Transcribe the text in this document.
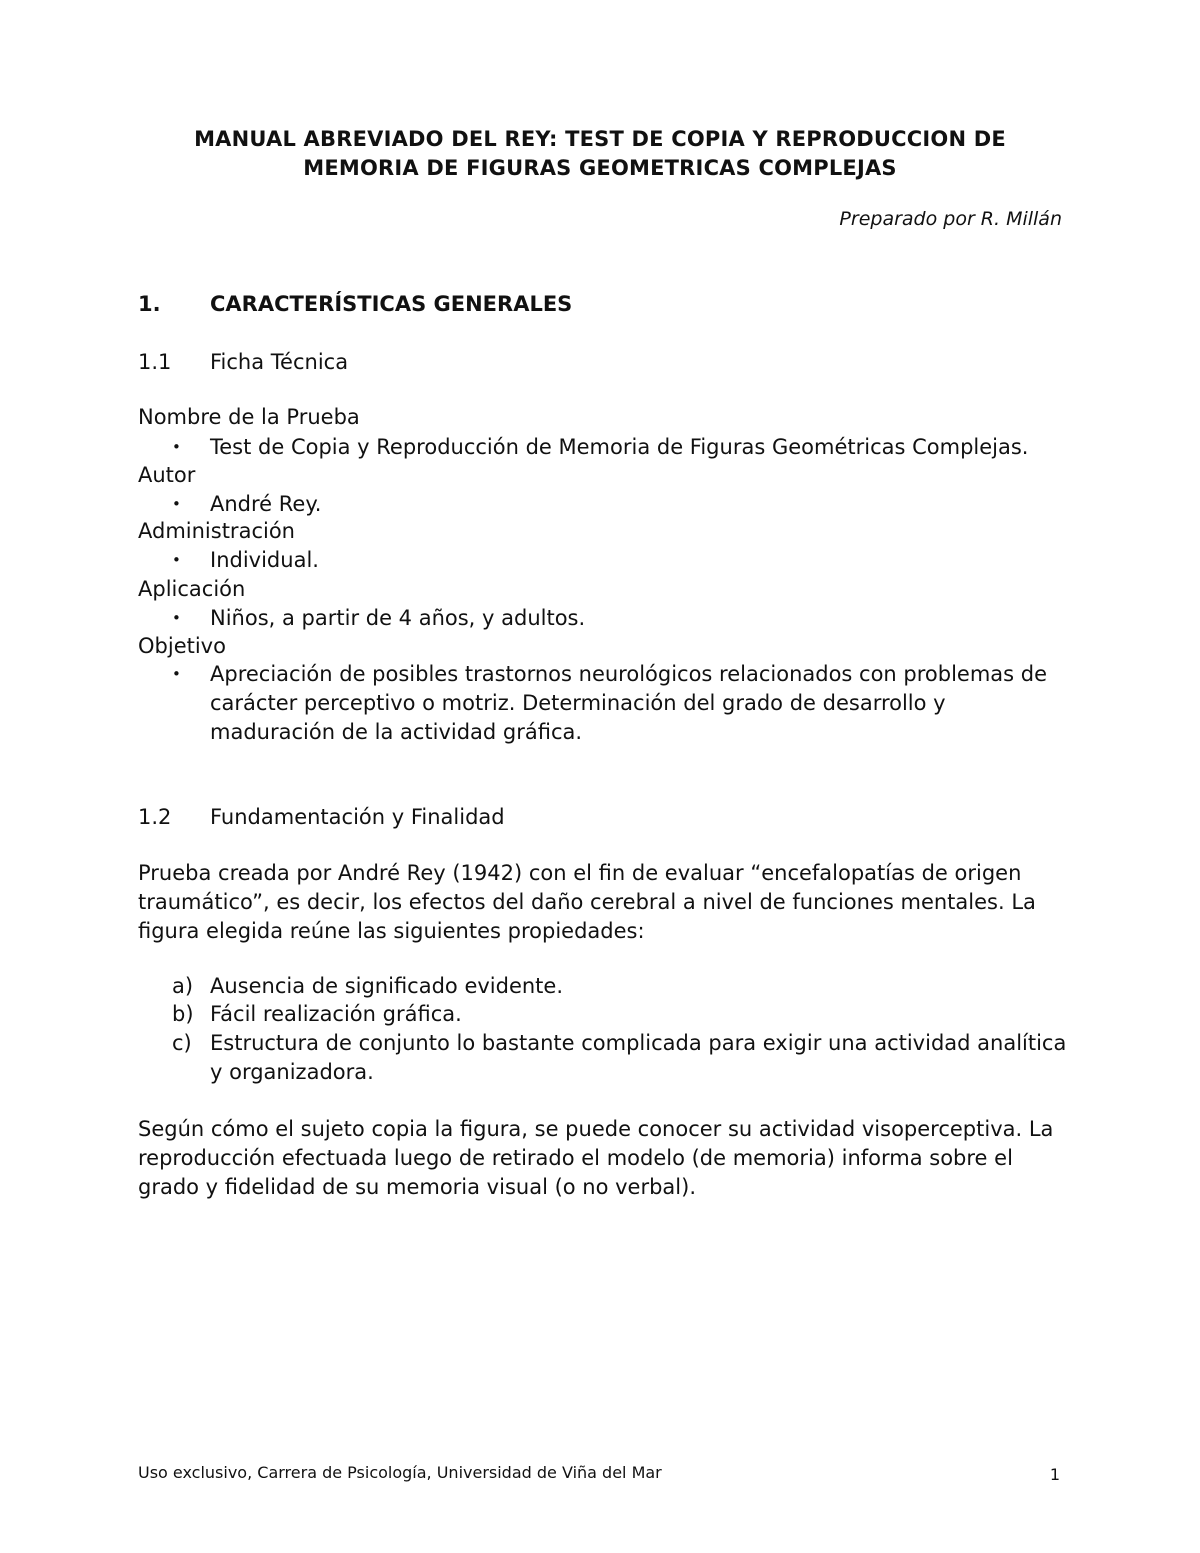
MANUAL ABREVIADO DEL REY: TEST DE COPIA Y REPRODUCCION DE
MEMORIA DE FIGURAS GEOMETRICAS COMPLEJAS
Preparado por R. Millán
1. CARACTERÍSTICAS GENERALES
1.1 Ficha Técnica
Nombre de la Prueba
• Test de Copia y Reproducción de Memoria de Figuras Geométricas Complejas.
Autor
• André Rey.
Administración
• Individual.
Aplicación
• Niños, a partir de 4 años, y adultos.
Objetivo
• Apreciación de posibles trastornos neurológicos relacionados con problemas de carácter perceptivo o motriz. Determinación del grado de desarrollo y maduración de la actividad gráfica.
1.2 Fundamentación y Finalidad
Prueba creada por André Rey (1942) con el fin de evaluar “encefalopatías de origen traumático”, es decir, los efectos del daño cerebral a nivel de funciones mentales. La figura elegida reúne las siguientes propiedades:
a) Ausencia de significado evidente.
b) Fácil realización gráfica.
c) Estructura de conjunto lo bastante complicada para exigir una actividad analítica y organizadora.
Según cómo el sujeto copia la figura, se puede conocer su actividad visoperceptiva. La reproducción efectuada luego de retirado el modelo (de memoria) informa sobre el grado y fidelidad de su memoria visual (o no verbal).
Uso exclusivo, Carrera de Psicología, Universidad de Viña del Mar	1
